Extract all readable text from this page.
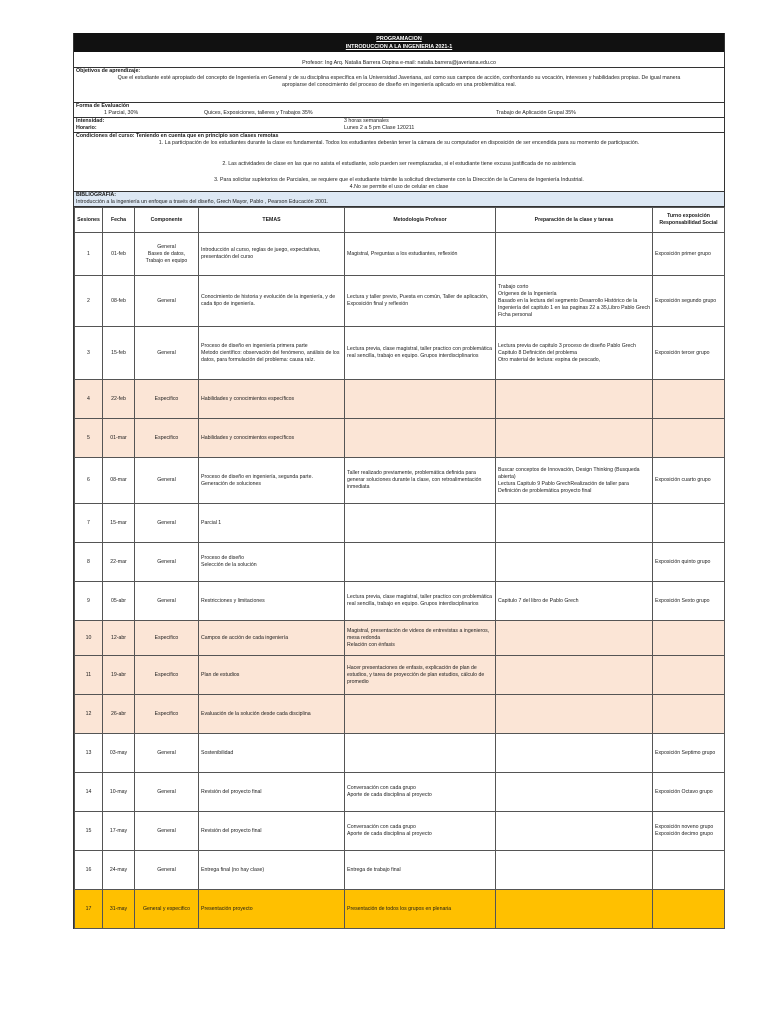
PROGRAMACION
INTRODUCCION A LA INGENIERIA 2021-1
Profesor: Ing Arq. Natalia Barrera Ospina e-mail: natalia.barrera@javeriana.edu.co
Objetivos de aprendizaje:
Que el estudiante esté apropiado del concepto de Ingeniería en General y de su disciplina específica en la Universidad Javeriana, así como sus campos de acción, confrontando su vocación, intereses y habilidades propias. De igual manera
apropiarse del conocimiento del proceso de diseño en ingeniería aplicado en una problemática real.
Forma de Evaluación
1 Parcial, 30%	Quices, Exposiciones, talleres y Trabajos 35%	Trabajo de Aplicación Grupal 35%
Intensidad:	3 horas semanales
Horario:	Lunes 2 a 5 pm Clase 120211
Condiciones del curso: Teniendo en cuenta que en principio son clases remotas
1. La participación de los estudiantes durante la clase es fundamental. Todos los estudiantes deberán tener la cámara de su computador en disposición de ser encendida para su momento de participación.
2. Las actividades de clase en las que no asista el estudiante, solo pueden ser reemplazadas, si el estudiante tiene excusa justificada de no asistencia
3. Para solicitar supletorios de Parciales, se requiere que el estudiante trámite la solicitud directamente con la Dirección de la Carrera de Ingeniería Industrial.
4.No se permite el uso de celular en clase
BIBLIOGRAFIA:
Introducción a la ingeniería un enfoque a través del diseño, Grech Mayor, Pablo , Pearson Educación 2001.
Sesiones	Fecha	Componente	TEMAS	Metodologia Profesor	Preparación de la clase y tareas	Turno exposición Responsabilidad Social
1	01-feb	General
Bases de datos,
Trabajo en equipo	Introducción al curso, reglas de juego, expectativas, presentación del curso	Magistral, Preguntas a los estudiantes, reflexión		Exposición primer grupo
2	08-feb	General	Conocimiento de historia y evolución de la ingeniería, y de cada tipo de ingeniería.	Lectura y taller previo, Puesta en común, Taller de aplicación, Exposición final y reflexión	Trabajo corto
Orígenes de la Ingeniería
Basado en la lectura del segmento Desarrollo Histórico de la Ingeniería del capitulo 1 en las paginas 22 a 35,Libro Pablo Grech
Ficha personal	Exposición segundo grupo
3	15-feb	General	Proceso de diseño en ingeniería primera parte
Metodo científico: observación del fenómeno, análisis de los datos, para formulación del problema: causa raíz.	Lectura previa, clase magistral, taller practico con problemática real sencilla, trabajo en equipo. Grupos interdisciplinarios	Lectura previa de capitulo 3 proceso de diseño Pablo Grech
Capitulo 8 Definición del problema
Otro material de lectura: espina de pescado,	Exposición tercer grupo
4	22-feb	Especifico	Habilidades y conocimientos específicos			
5	01-mar	Especifico	Habilidades y conocimientos específicos			
6	08-mar	General	Proceso de diseño en ingeniería, segunda parte.
Generación de soluciones	Taller realizado previamente, problemática definida para generar soluciones durante la clase, con retroalimentación inmediata	Buscar conceptos de Innovación, Design Thinking (Busqueda abierta)
Lectura Capitulo 9 Pablo GrechRealización de taller para Definición de problemática proyecto final	Exposición cuarto grupo
7	15-mar	General	Parcial 1			
8	22-mar	General	Proceso de diseño
Selección de la solución			Exposición quinto grupo
9	05-abr	General	Restricciones y limitaciones	Lectura previa, clase magistral, taller practico con problemática real sencilla, trabajo en equipo. Grupos interdisciplinarios	Capitulo 7 del libro de Pablo Grech	Exposición Sexto grupo
10	12-abr	Especifico	Campos de acción de cada ingeniería	Magistral, presentación de videos de entrevistas a ingenieros, mesa redonda
Relación con énfasis		
11	19-abr	Especifico	Plan de estudios	Hacer presentaciones de enfasis, explicación de plan de estudios, y tarea de proyección de plan estudios, cálculo de promedio		
12	26-abr	Especifico	Evaluación de la solución desde cada disciplina			
13	03-may	General	Sostenibilidad			Exposición Septimo grupo
14	10-may	General	Revisión del proyecto final	Conversación con cada grupo
Aporte de cada disciplina al proyecto		Exposición Octavo grupo
15	17-may	General	Revisión del proyecto final	Conversación con cada grupo
Aporte de cada disciplina al proyecto		Exposición noveno grupo
Exposición decimo grupo
16	24-may	General	Entrega final (no hay clase)	Entrega de trabajo final		
17	31-may	General y especifico	Presentación proyecto	Presentación de todos los grupos en plenaria		
